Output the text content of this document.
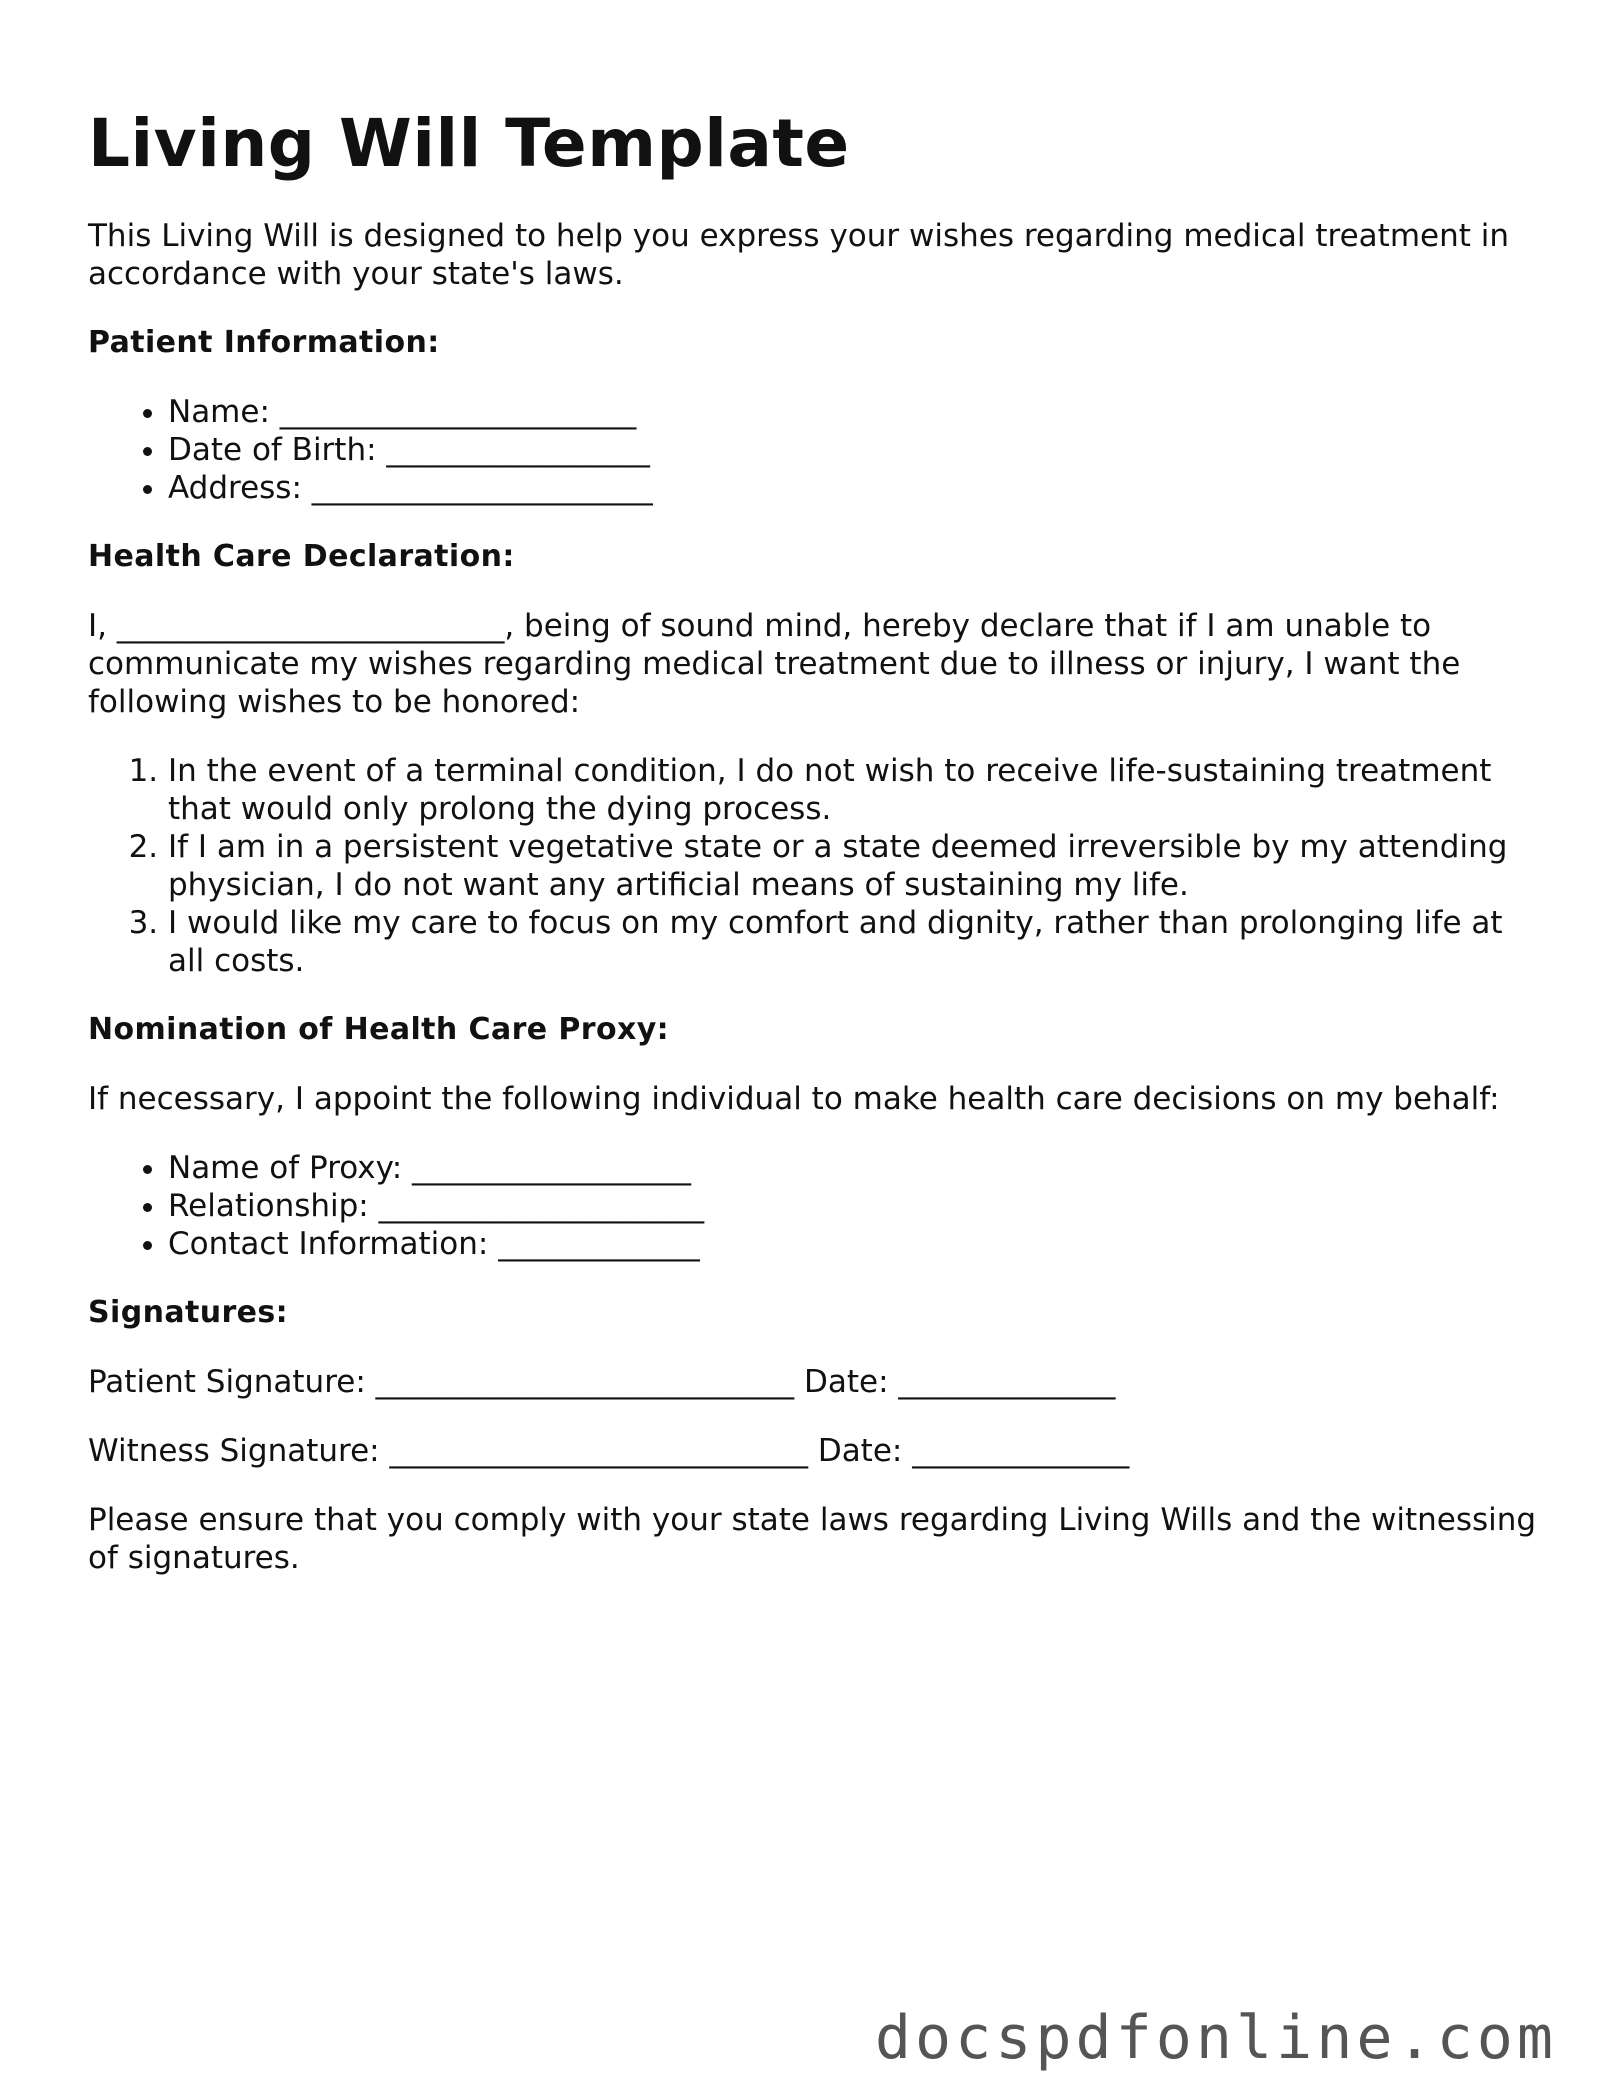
Living Will Template

This Living Will is designed to help you express your wishes regarding medical treatment in accordance with your state's laws.

Patient Information:
• Name: _______________________
• Date of Birth: _________________
• Address: ______________________
Health Care Declaration:

I, _________________________, being of sound mind, hereby declare that if I am unable to communicate my wishes regarding medical treatment due to illness or injury, I want the following wishes to be honored:

1. In the event of a terminal condition, I do not wish to receive life-sustaining treatment that would only prolong the dying process.
2. If I am in a persistent vegetative state or a state deemed irreversible by my attending physician, I do not want any artificial means of sustaining my life.
3. I would like my care to focus on my comfort and dignity, rather than prolonging life at all costs.
Nomination of Health Care Proxy:

If necessary, I appoint the following individual to make health care decisions on my behalf:

• Name of Proxy: __________________
• Relationship: _____________________
• Contact Information: _____________
Signatures:

Patient Signature: ___________________________ Date: ______________

Witness Signature: ___________________________ Date: ______________

Please ensure that you comply with your state laws regarding Living Wills and the witnessing of signatures.

docspdfonline.com
